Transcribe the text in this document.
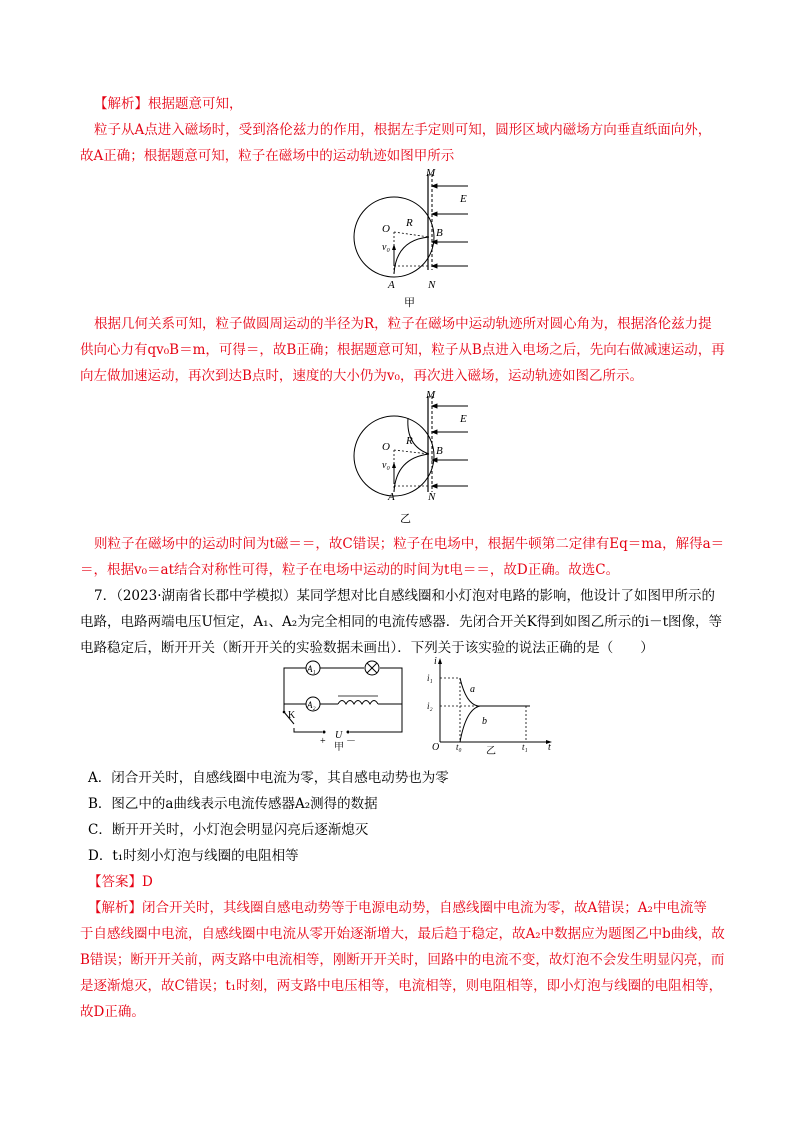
【解析】根据题意可知，
粒子从A点进入磁场时，受到洛伦兹力的作用，根据左手定则可知，圆形区域内磁场方向垂直纸面向外，
故A正确；根据题意可知，粒子在磁场中的运动轨迹如图甲所示
M
E
O R
B
v₀
A	N
甲
根据几何关系可知，粒子做圆周运动的半径为R，粒子在磁场中运动轨迹所对圆心角为，根据洛伦兹力提
供向心力有qv₀B＝m，可得＝，故B正确；根据题意可知，粒子从B点进入电场之后，先向右做减速运动，再
向左做加速运动，再次到达B点时，速度的大小仍为v₀，再次进入磁场，运动轨迹如图乙所示。
M
E
O R
B
v₀
A	N
乙
则粒子在磁场中的运动时间为t磁＝＝，故C错误；粒子在电场中，根据牛顿第二定律有Eq＝ma，解得a＝
＝，根据v₀＝at结合对称性可得，粒子在电场中运动的时间为t电＝＝，故D正确。故选C。
7．（2023·湖南省长郡中学模拟）某同学想对比自感线圈和小灯泡对电路的影响，他设计了如图甲所示的
电路，电路两端电压U恒定，A₁、A₂为完全相同的电流传感器．先闭合开关K得到如图乙所示的i－t图像，等
电路稳定后，断开开关（断开开关的实验数据未画出）．下列关于该实验的说法正确的是（　　）
A₁
A₂
K
+
U
－
甲
i
i₁
i₂
a
b
O t₀	t₁ t
乙
A．闭合开关时，自感线圈中电流为零，其自感电动势也为零
B．图乙中的a曲线表示电流传感器A₂测得的数据
C．断开开关时，小灯泡会明显闪亮后逐渐熄灭
D．t₁时刻小灯泡与线圈的电阻相等
【答案】D
【解析】闭合开关时，其线圈自感电动势等于电源电动势，自感线圈中电流为零，故A错误；A₂中电流等
于自感线圈中电流，自感线圈中电流从零开始逐渐增大，最后趋于稳定，故A₂中数据应为题图乙中b曲线，故
B错误；断开开关前，两支路中电流相等，刚断开开关时，回路中的电流不变，故灯泡不会发生明显闪亮，而
是逐渐熄灭，故C错误；t₁时刻，两支路中电压相等，电流相等，则电阻相等，即小灯泡与线圈的电阻相等，
故D正确。
